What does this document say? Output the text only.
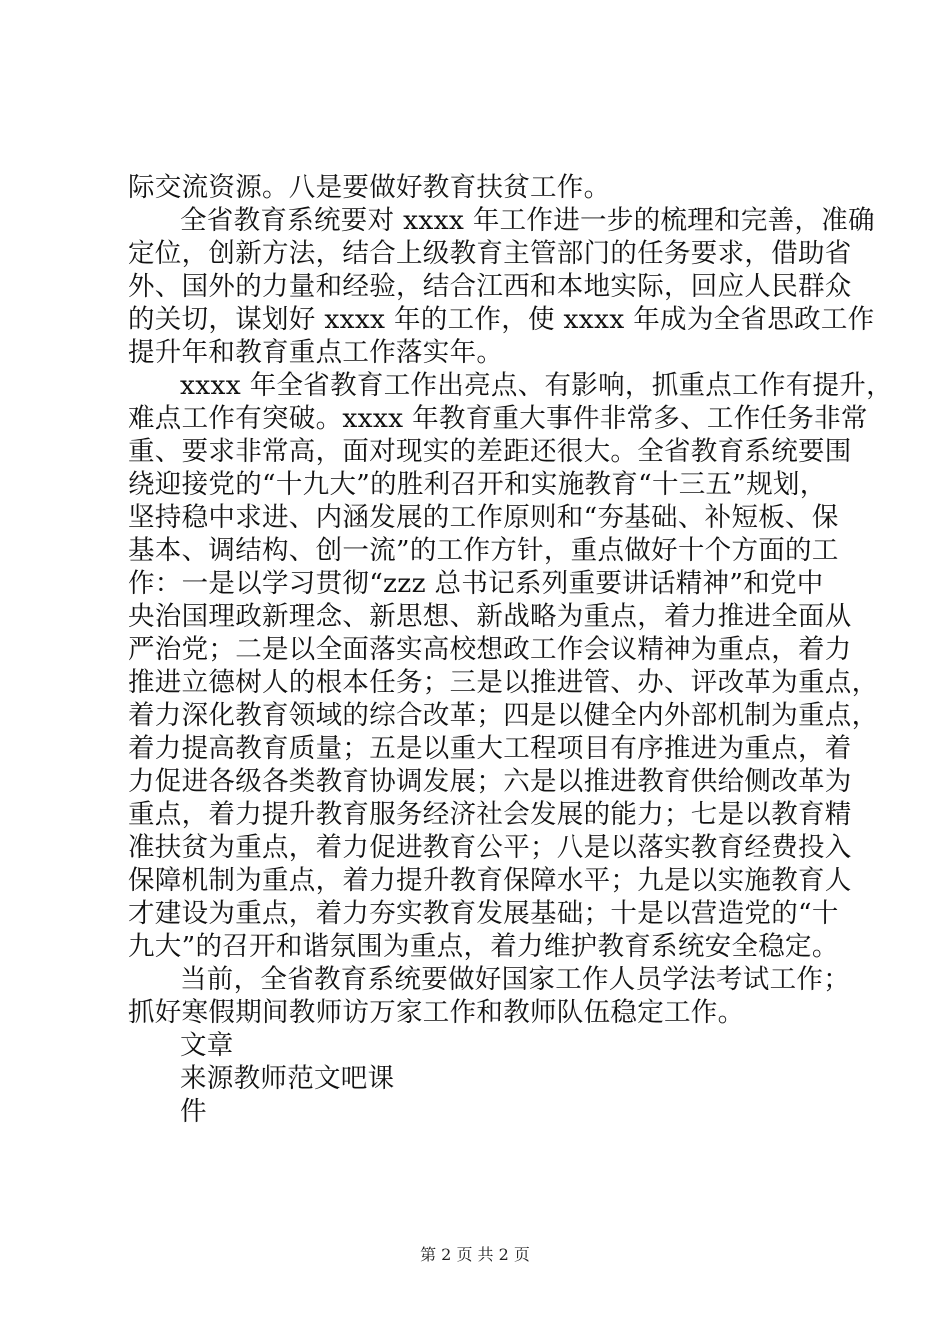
际交流资源。八是要做好教育扶贫工作。
全省教育系统要对 xxxx 年工作进一步的梳理和完善，准确
定位，创新方法，结合上级教育主管部门的任务要求，借助省
外、国外的力量和经验，结合江西和本地实际，回应人民群众
的关切，谋划好 xxxx 年的工作，使 xxxx 年成为全省思政工作
提升年和教育重点工作落实年。
xxxx 年全省教育工作出亮点、有影响，抓重点工作有提升，
难点工作有突破。xxxx 年教育重大事件非常多、工作任务非常
重、要求非常高，面对现实的差距还很大。全省教育系统要围
绕迎接党的“十九大”的胜利召开和实施教育“十三五”规划，
坚持稳中求进、内涵发展的工作原则和“夯基础、补短板、保
基本、调结构、创一流”的工作方针，重点做好十个方面的工
作：一是以学习贯彻“zzz 总书记系列重要讲话精神”和党中
央治国理政新理念、新思想、新战略为重点，着力推进全面从
严治党；二是以全面落实高校想政工作会议精神为重点，着力
推进立德树人的根本任务；三是以推进管、办、评改革为重点，
着力深化教育领域的综合改革；四是以健全内外部机制为重点，
着力提高教育质量；五是以重大工程项目有序推进为重点，着
力促进各级各类教育协调发展；六是以推进教育供给侧改革为
重点，着力提升教育服务经济社会发展的能力；七是以教育精
准扶贫为重点，着力促进教育公平；八是以落实教育经费投入
保障机制为重点，着力提升教育保障水平；九是以实施教育人
才建设为重点，着力夯实教育发展基础；十是以营造党的“十
九大”的召开和谐氛围为重点，着力维护教育系统安全稳定。
当前，全省教育系统要做好国家工作人员学法考试工作；
抓好寒假期间教师访万家工作和教师队伍稳定工作。
文章
来源教师范文吧课
件
第 2 页 共 2 页
